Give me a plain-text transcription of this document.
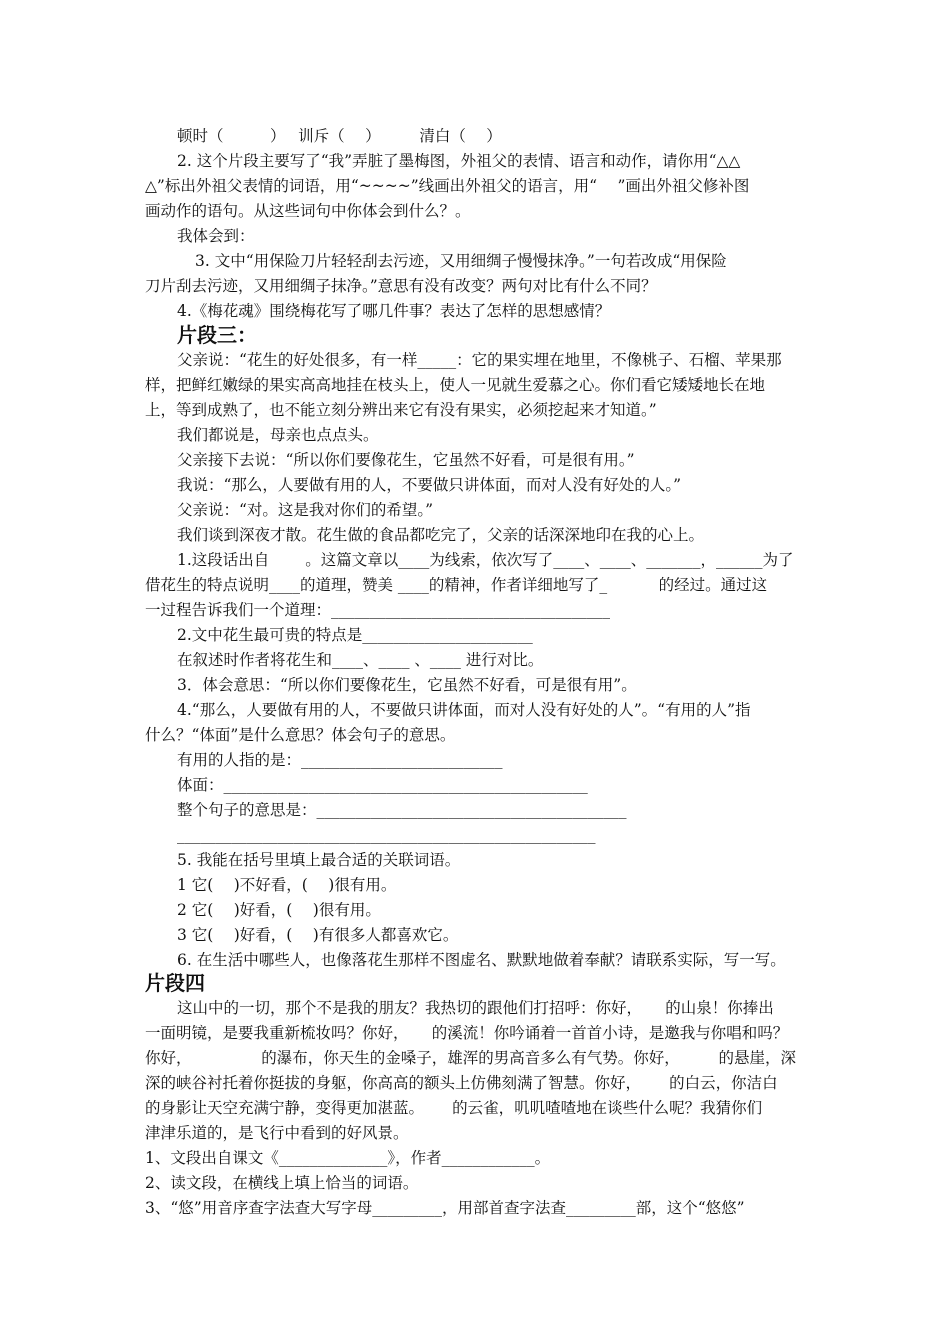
顿时（　　　）　 训斥（　 ）　　　清白（　 ）
2. 这个片段主要写了“我”弄脏了墨梅图，外祖父的表情、语言和动作，请你用“△△
△”标出外祖父表情的词语，用“~~~~”线画出外祖父的语言，用“　 ”画出外祖父修补图
画动作的语句。从这些词句中你体会到什么？。
我体会到：
3. 文中“用保险刀片轻轻刮去污迹，又用细绸子慢慢抹净。”一句若改成“用保险
刀片刮去污迹，又用细绸子抹净。”意思有没有改变？两句对比有什么不同？
4.《梅花魂》围绕梅花写了哪几件事？表达了怎样的思想感情？
片段三：
父亲说：“花生的好处很多，有一样_____：它的果实埋在地里，不像桃子、石榴、苹果那
样，把鲜红嫩绿的果实高高地挂在枝头上，使人一见就生爱慕之心。你们看它矮矮地长在地
上，等到成熟了，也不能立刻分辨出来它有没有果实，必须挖起来才知道。”
我们都说是，母亲也点点头。
父亲接下去说：“所以你们要像花生，它虽然不好看，可是很有用。”
我说：“那么，人要做有用的人，不要做只讲体面，而对人没有好处的人。”
父亲说：“对。这是我对你们的希望。”
我们谈到深夜才散。花生做的食品都吃完了，父亲的话深深地印在我的心上。
1.这段话出自　　 。这篇文章以____为线索，依次写了____、____、_______，______为了
借花生的特点说明____的道理，赞美 ____的精神，作者详细地写了_　　　 的经过。通过这
一过程告诉我们一个道理：____________________________________
2.文中花生最可贵的特点是______________________
在叙述时作者将花生和____、____ 、____ 进行对比。
3．体会意思：“所以你们要像花生，它虽然不好看，可是很有用”。
4.“那么，人要做有用的人，不要做只讲体面，而对人没有好处的人”。“有用的人”指
什么？“体面”是什么意思？体会句子的意思。
有用的人指的是：__________________________
体面：_______________________________________________
整个句子的意思是：________________________________________
______________________________________________________
5. 我能在括号里填上最合适的关联词语。
1 它(　 )不好看，(　 )很有用。
2 它(　 )好看，(　 )很有用。
3 它(　 )好看，(　 )有很多人都喜欢它。
6. 在生活中哪些人，也像落花生那样不图虚名、默默地做着奉献？请联系实际，写一写。
片段四
这山中的一切，那个不是我的朋友？我热切的跟他们打招呼：你好，　　的山泉！你捧出
一面明镜，是要我重新梳妆吗？你好，　　的溪流！你吟诵着一首首小诗，是邀我与你唱和吗？
你好，　　　　　的瀑布，你天生的金嗓子，雄浑的男高音多么有气势。你好，　　　的悬崖，深
深的峡谷衬托着你挺拔的身躯，你高高的额头上仿佛刻满了智慧。你好，　　 的白云，你洁白
的身影让天空充满宁静，变得更加湛蓝。　　 的云雀，叽叽喳喳地在谈些什么呢？我猜你们
津津乐道的，是飞行中看到的好风景。
1、文段出自课文《______________》，作者____________。
2、读文段，在横线上填上恰当的词语。
3、“悠”用音序查字法查大写字母_________，用部首查字法查_________部，这个“悠悠”
